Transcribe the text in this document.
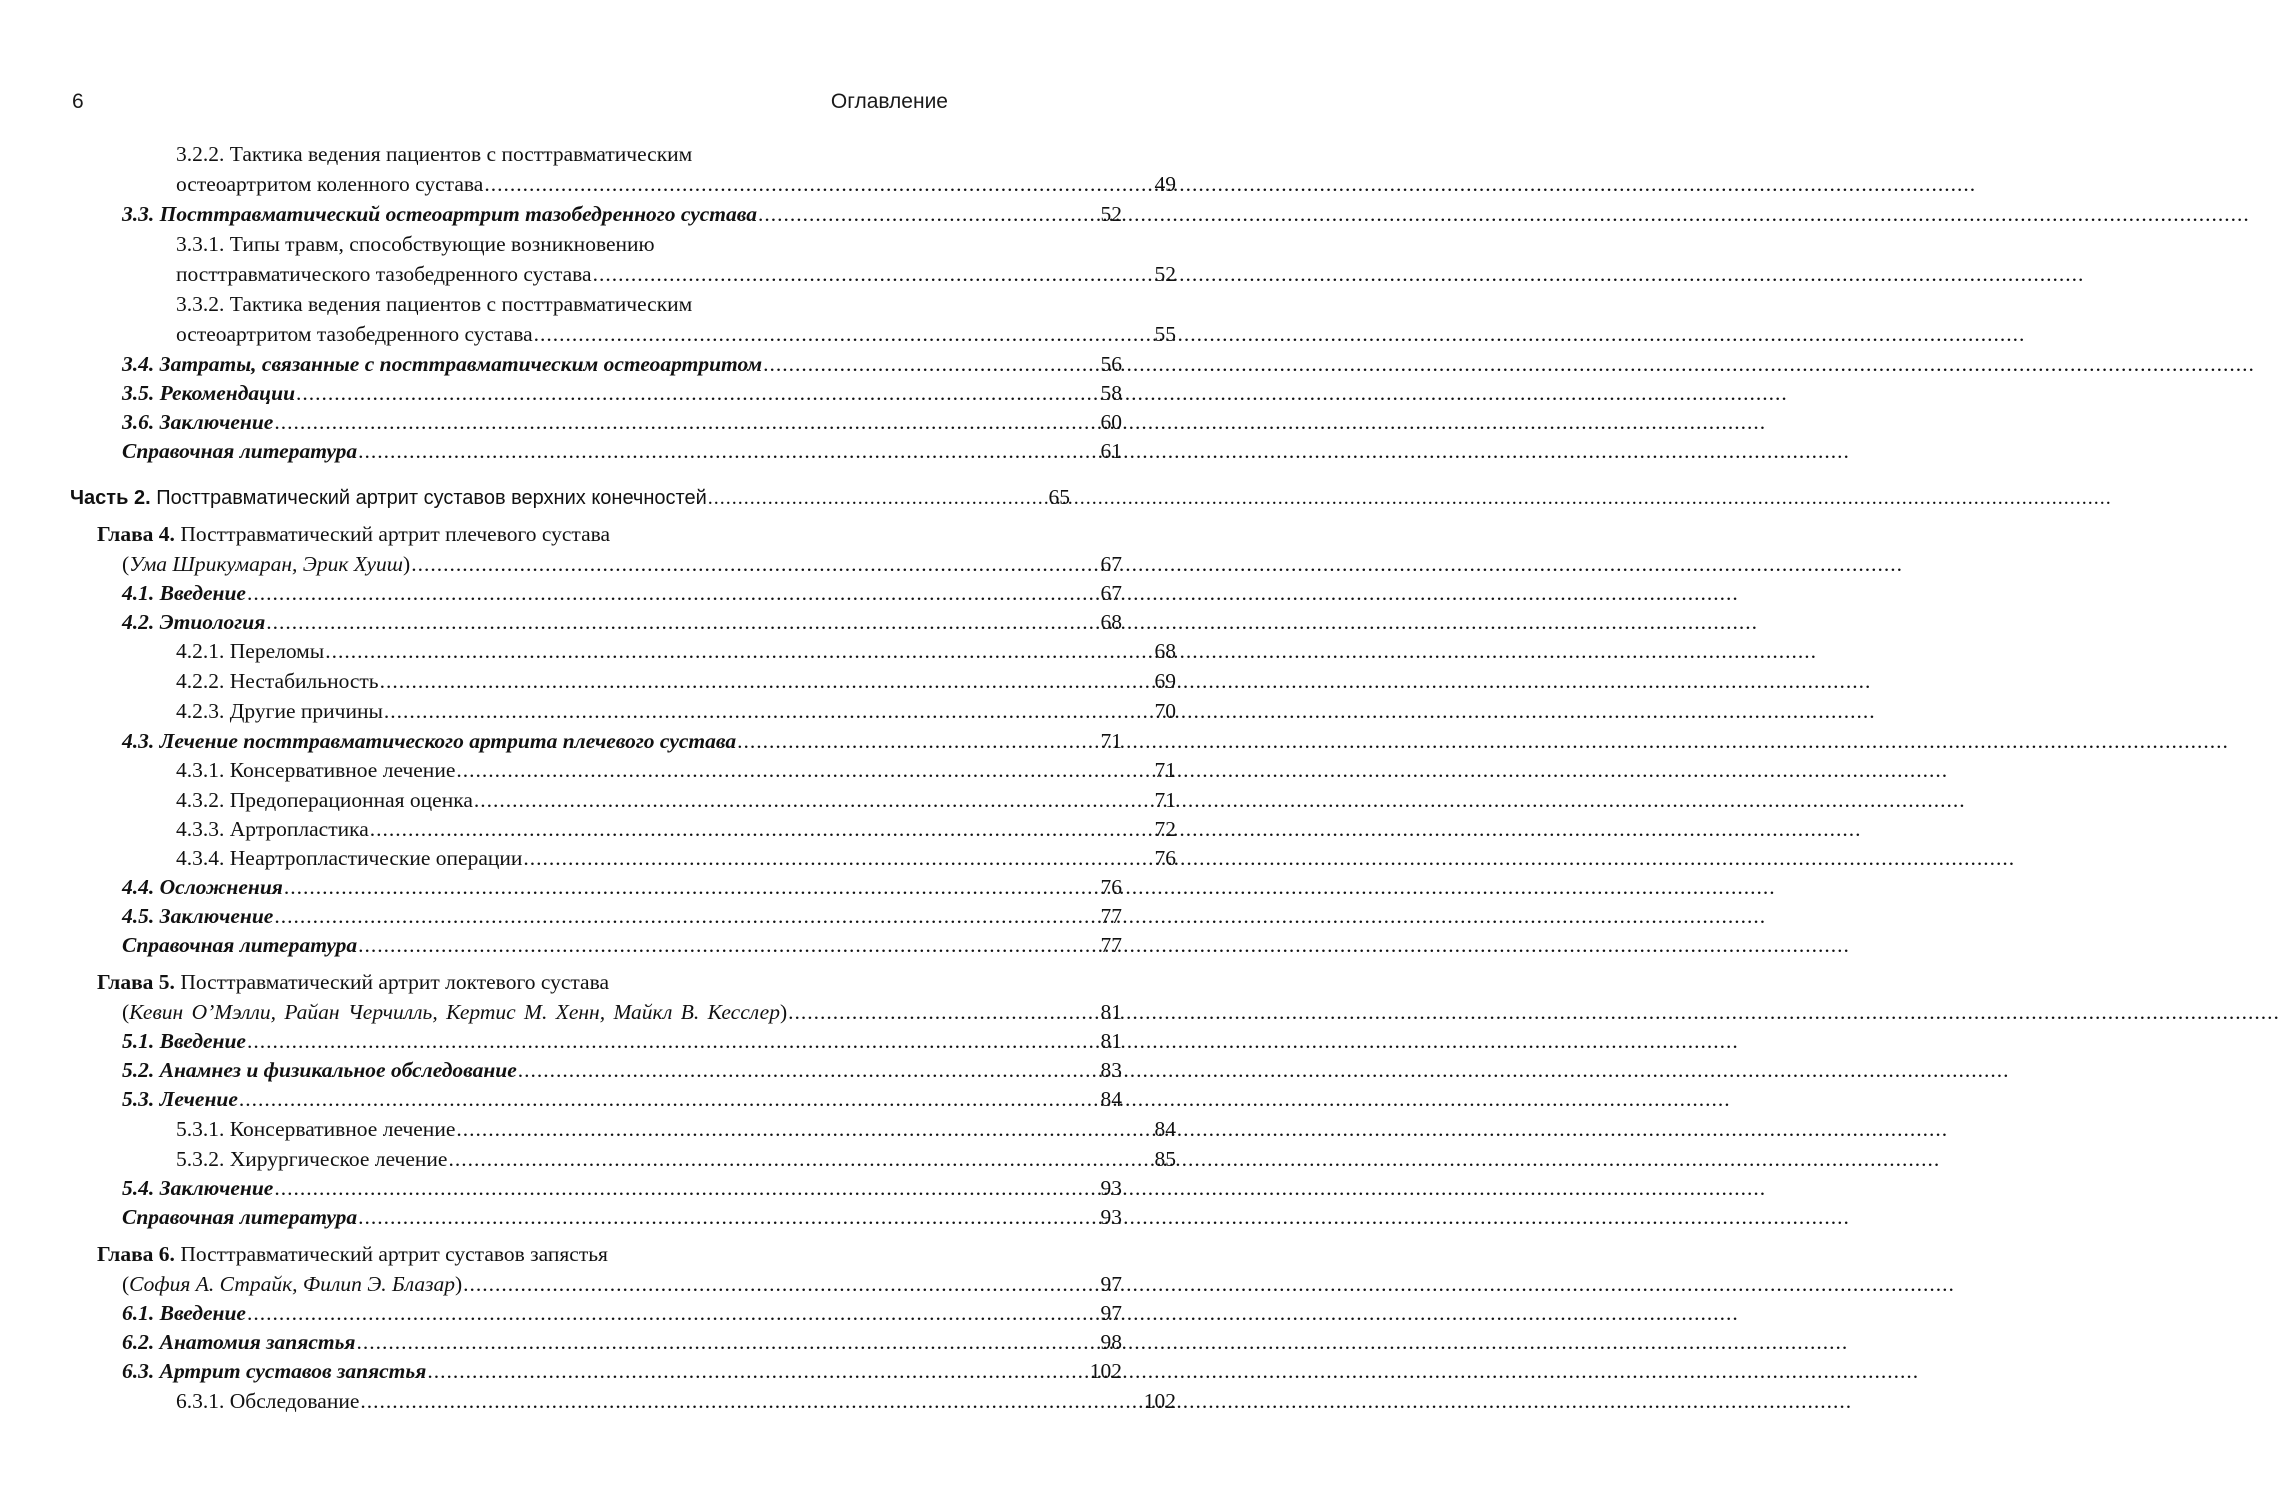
6	Оглавление
3.2.2. Тактика ведения пациентов с посттравматическим
остеоартритом коленного сустава .....	49
3.3. Посттравматический остеоартрит тазобедренного сустава .....	52
3.3.1. Типы травм, способствующие возникновению
посттравматического тазобедренного сустава .....	52
3.3.2. Тактика ведения пациентов с посттравматическим
остеоартритом тазобедренного сустава .....	55
3.4. Затраты, связанные с посттравматическим остеоартритом .....	56
3.5. Рекомендации .....	58
3.6. Заключение .....	60
Справочная литература .....	61
Часть 2. Посттравматический артрит суставов верхних конечностей .....	65
Глава 4. Посттравматический артрит плечевого сустава
(Ума Шрикумаран, Эрик Хуиш) .....	67
4.1. Введение .....	67
4.2. Этиология .....	68
4.2.1. Переломы .....	68
4.2.2. Нестабильность .....	69
4.2.3. Другие причины .....	70
4.3. Лечение посттравматического артрита плечевого сустава .....	71
4.3.1. Консервативное лечение .....	71
4.3.2. Предоперационная оценка .....	71
4.3.3. Артропластика .....	72
4.3.4. Неартропластические операции .....	76
4.4. Осложнения .....	76
4.5. Заключение .....	77
Справочная литература .....	77
Глава 5. Посттравматический артрит локтевого сустава
(Кевин О’Мэлли, Райан Черчилль, Кертис М. Хенн, Майкл В. Кесслер) .....	81
5.1. Введение .....	81
5.2. Анамнез и физикальное обследование .....	83
5.3. Лечение .....	84
5.3.1. Консервативное лечение .....	84
5.3.2. Хирургическое лечение .....	85
5.4. Заключение .....	93
Справочная литература .....	93
Глава 6. Посттравматический артрит суставов запястья
(София А. Страйк, Филип Э. Блазар) .....	97
6.1. Введение .....	97
6.2. Анатомия запястья .....	98
6.3. Артрит суставов запястья .....	102
6.3.1. Обследование .....	102
